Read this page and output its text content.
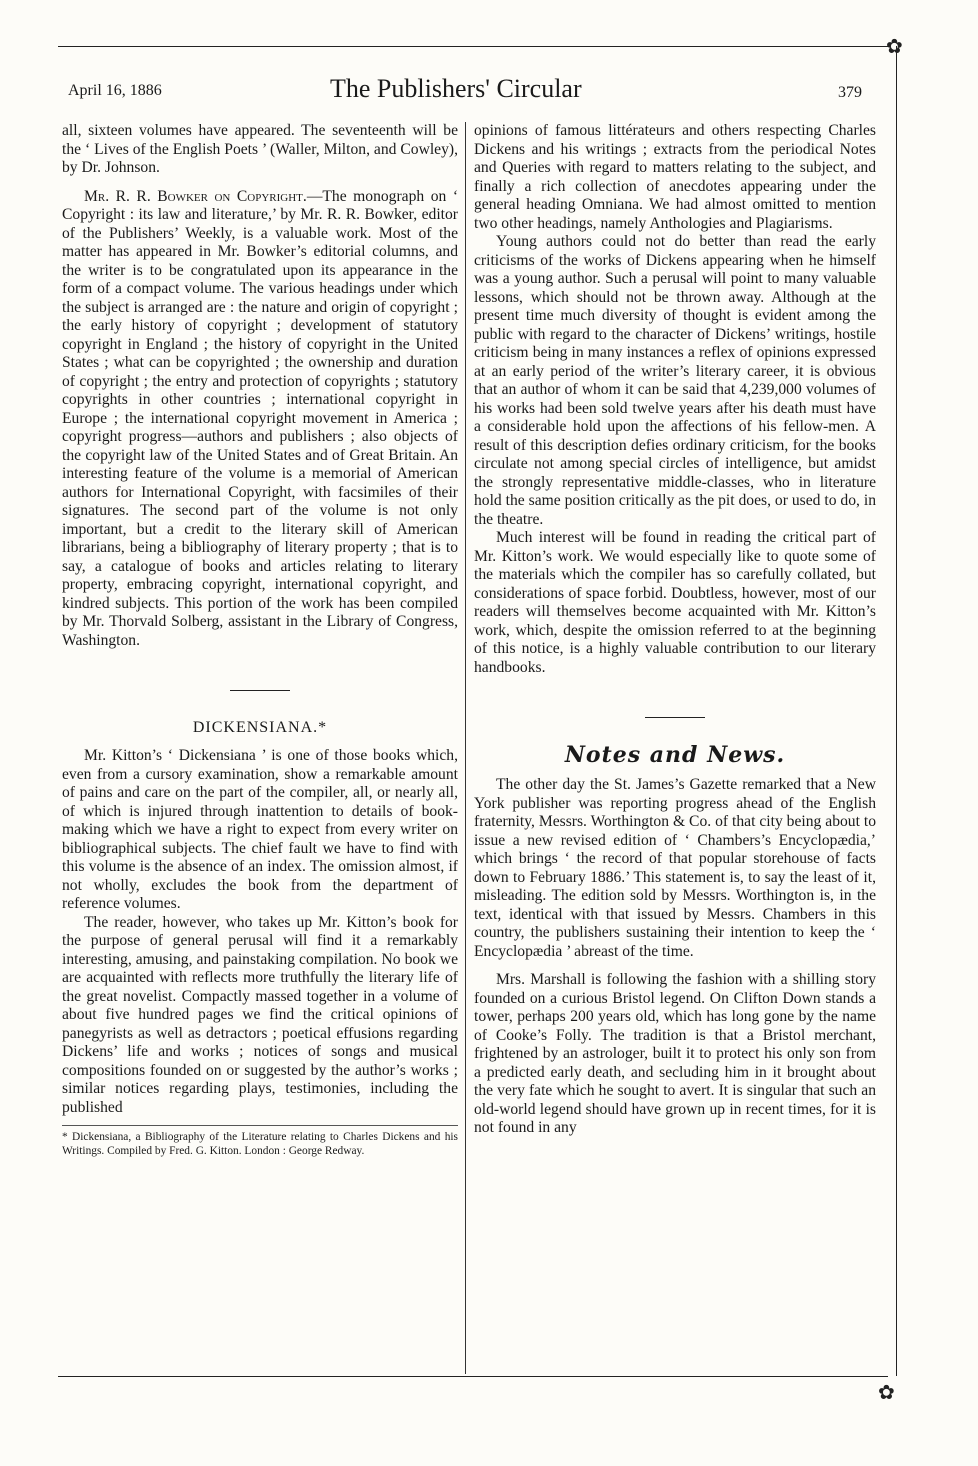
✿
✿
April 16, 1886	The Publishers' Circular	379

all, sixteen volumes have appeared. The seventeenth will be the ‘ Lives of the English Poets ’ (Waller, Milton, and Cowley), by Dr. Johnson.

Mr. R. R. Bowker on Copyright.—The monograph on ‘ Copyright : its law and literature,’ by Mr. R. R. Bowker, editor of the Publishers’ Weekly, is a valuable work. Most of the matter has appeared in Mr. Bowker’s editorial columns, and the writer is to be congratulated upon its appearance in the form of a compact volume. The various headings under which the subject is arranged are : the nature and origin of copyright ; the early history of copyright ; development of statutory copyright in England ; the history of copyright in the United States ; what can be copyrighted ; the ownership and duration of copyright ; the entry and protection of copyrights ; statutory copyrights in other countries ; international copyright in Europe ; the international copyright movement in America ; copyright progress—authors and publishers ; also objects of the copyright law of the United States and of Great Britain. An interesting feature of the volume is a memorial of American authors for International Copyright, with facsimiles of their signatures. The second part of the volume is not only important, but a credit to the literary skill of American librarians, being a bibliography of literary property ; that is to say, a catalogue of books and articles relating to literary property, embracing copyright, international copyright, and kindred subjects. This portion of the work has been compiled by Mr. Thorvald Solberg, assistant in the Library of Congress, Washington.

DICKENSIANA.*

Mr. Kitton’s ‘ Dickensiana ’ is one of those books which, even from a cursory examination, show a remarkable amount of pains and care on the part of the compiler, all, or nearly all, of which is injured through inattention to details of book-making which we have a right to expect from every writer on bibliographical subjects. The chief fault we have to find with this volume is the absence of an index. The omission almost, if not wholly, excludes the book from the department of reference volumes.

The reader, however, who takes up Mr. Kitton’s book for the purpose of general perusal will find it a remarkably interesting, amusing, and painstaking compilation. No book we are acquainted with reflects more truthfully the literary life of the great novelist. Compactly massed together in a volume of about five hundred pages we find the critical opinions of panegyrists as well as detractors ; poetical effusions regarding Dickens’ life and works ; notices of songs and musical compositions founded on or suggested by the author’s works ; similar notices regarding plays, testimonies, including the published

* Dickensiana, a Bibliography of the Literature relating to Charles Dickens and his Writings. Compiled by Fred. G. Kitton. London : George Redway.

opinions of famous littérateurs and others respecting Charles Dickens and his writings ; extracts from the periodical Notes and Queries with regard to matters relating to the subject, and finally a rich collection of anecdotes appearing under the general heading Omniana. We had almost omitted to mention two other headings, namely Anthologies and Plagiarisms.

Young authors could not do better than read the early criticisms of the works of Dickens appearing when he himself was a young author. Such a perusal will point to many valuable lessons, which should not be thrown away. Although at the present time much diversity of thought is evident among the public with regard to the character of Dickens’ writings, hostile criticism being in many instances a reflex of opinions expressed at an early period of the writer’s literary career, it is obvious that an author of whom it can be said that 4,239,000 volumes of his works had been sold twelve years after his death must have a considerable hold upon the affections of his fellow-men. A result of this description defies ordinary criticism, for the books circulate not among special circles of intelligence, but amidst the strongly representative middle-classes, who in literature hold the same position critically as the pit does, or used to do, in the theatre.

Much interest will be found in reading the critical part of Mr. Kitton’s work. We would especially like to quote some of the materials which the compiler has so carefully collated, but considerations of space forbid. Doubtless, however, most of our readers will themselves become acquainted with Mr. Kitton’s work, which, despite the omission referred to at the beginning of this notice, is a highly valuable contribution to our literary handbooks.

Notes and News.

The other day the St. James’s Gazette remarked that a New York publisher was reporting progress ahead of the English fraternity, Messrs. Worthington & Co. of that city being about to issue a new revised edition of ‘ Chambers’s Encyclopædia,’ which brings ‘ the record of that popular storehouse of facts down to February 1886.’ This statement is, to say the least of it, misleading. The edition sold by Messrs. Worthington is, in the text, identical with that issued by Messrs. Chambers in this country, the publishers sustaining their intention to keep the ‘ Encyclopædia ’ abreast of the time.

Mrs. Marshall is following the fashion with a shilling story founded on a curious Bristol legend. On Clifton Down stands a tower, perhaps 200 years old, which has long gone by the name of Cooke’s Folly. The tradition is that a Bristol merchant, frightened by an astrologer, built it to protect his only son from a predicted early death, and secluding him in it brought about the very fate which he sought to avert. It is singular that such an old-world legend should have grown up in recent times, for it is not found in any
